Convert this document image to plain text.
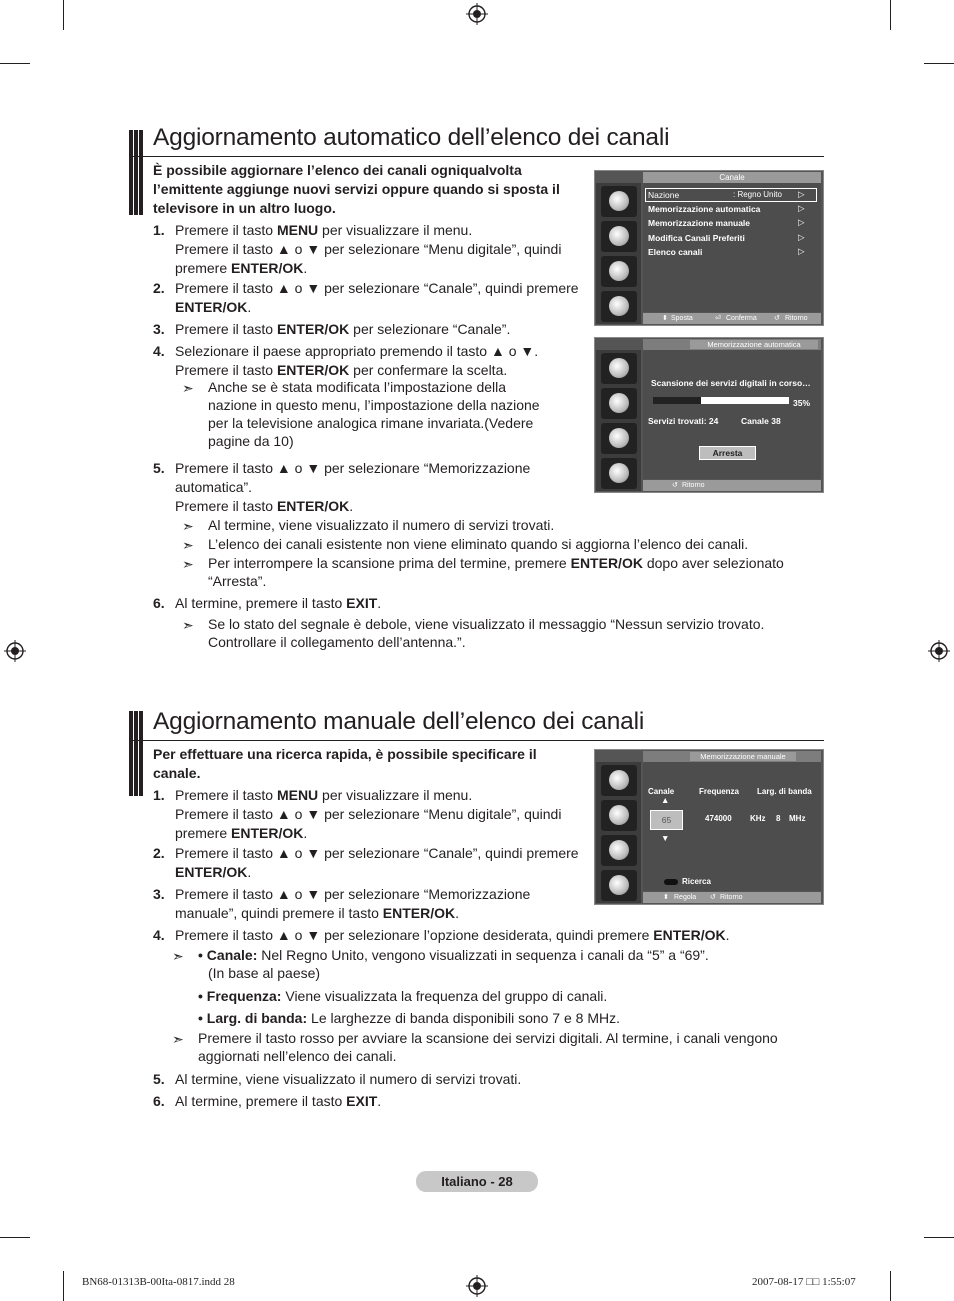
Aggiornamento automatico dell’elenco dei canali
È possibile aggiornare l’elenco dei canali ogniqualvolta
l’emittente aggiunge nuovi servizi oppure quando si sposta il
televisore in un altro luogo.
1. Premere il tasto MENU per visualizzare il menu.
Premere il tasto ▲ o ▼ per selezionare “Menu digitale”, quindi
premere ENTER/OK.
2. Premere il tasto ▲ o ▼ per selezionare “Canale”, quindi premere
ENTER/OK.
3. Premere il tasto ENTER/OK per selezionare “Canale”.
4. Selezionare il paese appropriato premendo il tasto ▲ o ▼.
Premere il tasto ENTER/OK per confermare la scelta.
➣ Anche se è stata modificata l’impostazione della
nazione in questo menu, l’impostazione della nazione
per la televisione analogica rimane invariata.(Vedere
pagine da 10)
5. Premere il tasto ▲ o ▼ per selezionare “Memorizzazione
automatica”.
Premere il tasto ENTER/OK.
➣ Al termine, viene visualizzato il numero di servizi trovati.
➣ L’elenco dei canali esistente non viene eliminato quando si aggiorna l’elenco dei canali.
➣ Per interrompere la scansione prima del termine, premere ENTER/OK dopo aver selezionato
“Arresta”.
6. Al termine, premere il tasto EXIT.
➣ Se lo stato del segnale è debole, viene visualizzato il messaggio “Nessun servizio trovato.
Controllare il collegamento dell’antenna.”.
Canale
Nazione	: Regno Unito
Memorizzazione automatica
Memorizzazione manuale
Modifica Canali Preferiti
Elenco canali
▷
▷
▷
▷
▷
⬍ Sposta	⏎ Conferma ↺ Ritorno
Memorizzazione automatica
Scansione dei servizi digitali in corso…
35%
Servizi trovati: 24	Canale 38
Arresta
↺ Ritorno
Aggiornamento manuale dell’elenco dei canali
Per effettuare una ricerca rapida, è possibile specificare il
canale.
1. Premere il tasto MENU per visualizzare il menu.
Premere il tasto ▲ o ▼ per selezionare “Menu digitale”, quindi
premere ENTER/OK.
2. Premere il tasto ▲ o ▼ per selezionare “Canale”, quindi premere
ENTER/OK.
3. Premere il tasto ▲ o ▼ per selezionare “Memorizzazione
manuale”, quindi premere il tasto ENTER/OK.
4. Premere il tasto ▲ o ▼ per selezionare l’opzione desiderata, quindi premere ENTER/OK.
➣ • Canale: Nel Regno Unito, vengono visualizzati in sequenza i canali da “5” a “69”.
(In base al paese)
• Frequenza: Viene visualizzata la frequenza del gruppo di canali.
• Larg. di banda: Le larghezze di banda disponibili sono 7 e 8 MHz.
➣ Premere il tasto rosso per avviare la scansione dei servizi digitali. Al termine, i canali vengono
aggiornati nell’elenco dei canali.
5. Al termine, viene visualizzato il numero di servizi trovati.
6. Al termine, premere il tasto EXIT.
Memorizzazione manuale
Canale	Frequenza Larg. di banda
▲
65
▼
474000 KHz 8 MHz
Ricerca
⬍ Regola ↺ Ritorno
Italiano - 28
BN68-01313B-00Ita-0817.indd 28	2007-08-17 □□ 1:55:07
